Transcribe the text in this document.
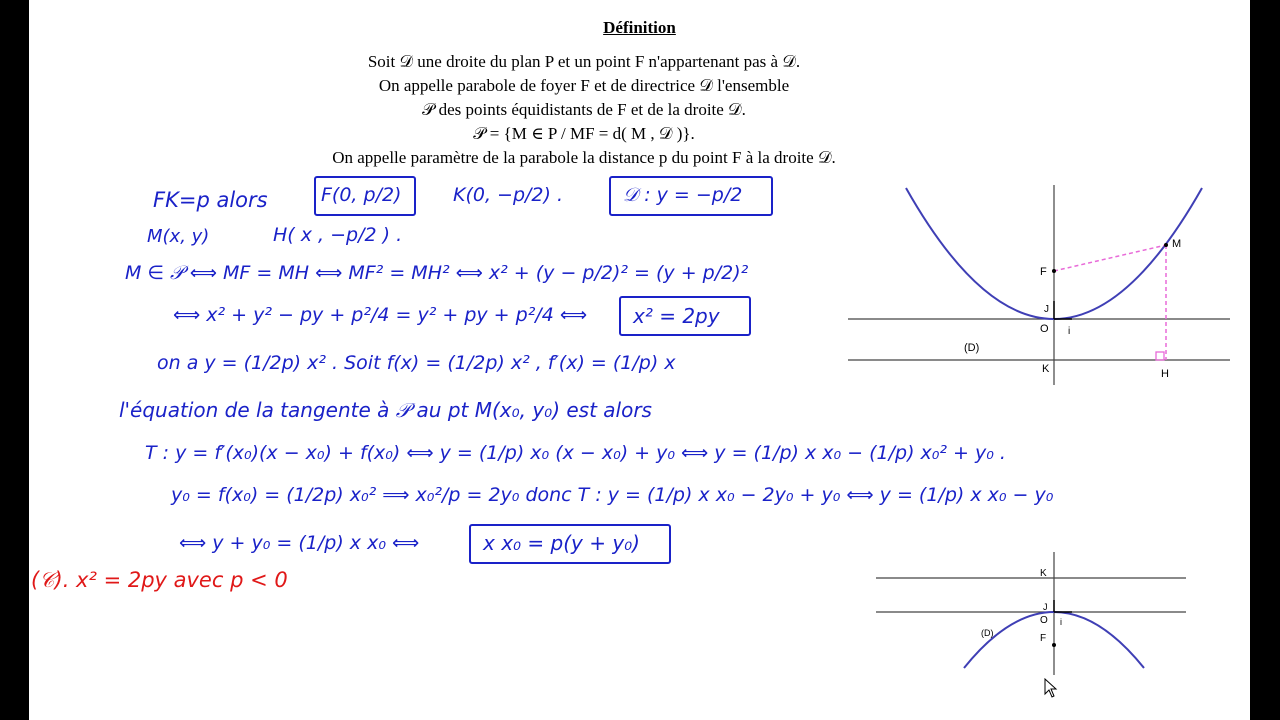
Définition
Soit 𝒟 une droite du plan P et un point F n'appartenant pas à 𝒟.
On appelle parabole de foyer F et de directrice 𝒟 l'ensemble
𝒫 des points équidistants de F et de la droite 𝒟.
𝒫 = {M ∈ P / MF = d( M , 𝒟 )}.
On appelle paramètre de la parabole la distance p du point F à la droite 𝒟.
FK=p alors	F(0, p/2)	K(0, −p/2) .	𝒟 : y = −p/2
M(x, y)	H( x , −p/2 ) .
M ∈ 𝒫 ⟺ MF = MH ⟺ MF² = MH² ⟺ x² + (y − p/2)² = (y + p/2)²
⟺ x² + y² − py + p²/4 = y² + py + p²/4 ⟺ x² = 2py
on a y = (1/2p) x² . Soit f(x) = (1/2p) x² , f′(x) = (1/p) x
l'équation de la tangente à 𝒫 au pt M(x₀, y₀) est alors
T : y = f′(x₀)(x − x₀) + f(x₀) ⟺ y = (1/p) x₀ (x − x₀) + y₀ ⟺ y = (1/p) x x₀ − (1/p) x₀² + y₀ .
y₀ = f(x₀) = (1/2p) x₀² ⟹ x₀²/p = 2y₀ donc T : y = (1/p) x x₀ − 2y₀ + y₀ ⟺ y = (1/p) x x₀ − y₀
⟺ y + y₀ = (1/p) x x₀ ⟺	x x₀ = p(y + y₀)
(𝒞). x² = 2py avec p < 0
F
M
O
J
i
(D)
K	H
K
J
O i
(D)	F
